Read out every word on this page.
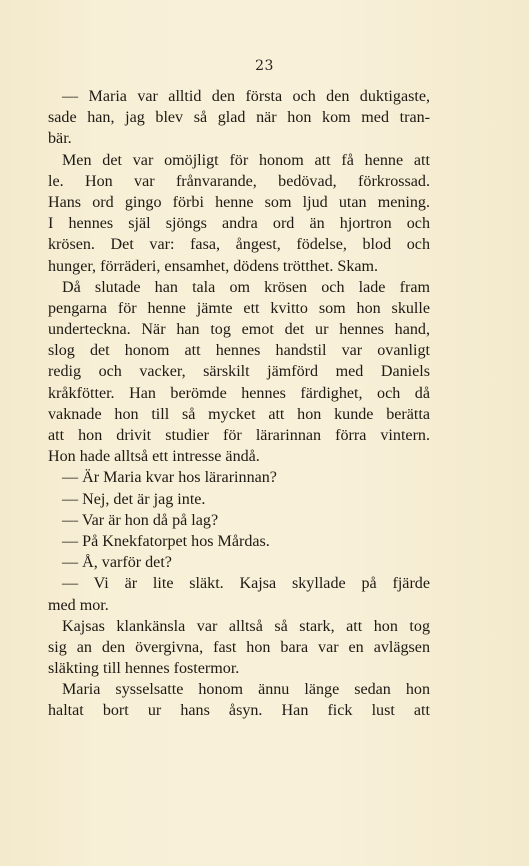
23
— Maria var alltid den första och den duktigaste,
sade han, jag blev så glad när hon kom med tran-
bär.
Men det var omöjligt för honom att få henne att
le. Hon var frånvarande, bedövad, förkrossad.
Hans ord gingo förbi henne som ljud utan mening.
I hennes själ sjöngs andra ord än hjortron och
krösen. Det var: fasa, ångest, födelse, blod och
hunger, förräderi, ensamhet, dödens trötthet. Skam.
Då slutade han tala om krösen och lade fram
pengarna för henne jämte ett kvitto som hon skulle
underteckna. När han tog emot det ur hennes hand,
slog det honom att hennes handstil var ovanligt
redig och vacker, särskilt jämförd med Daniels
kråkfötter. Han berömde hennes färdighet, och då
vaknade hon till så mycket att hon kunde berätta
att hon drivit studier för lärarinnan förra vintern.
Hon hade alltså ett intresse ändå.
— Är Maria kvar hos lärarinnan?
— Nej, det är jag inte.
— Var är hon då på lag?
— På Knekfatorpet hos Mårdas.
— Å, varför det?
— Vi är lite släkt. Kajsa skyllade på fjärde
med mor.
Kajsas klankänsla var alltså så stark, att hon tog
sig an den övergivna, fast hon bara var en avlägsen
släkting till hennes fostermor.
Maria sysselsatte honom ännu länge sedan hon
haltat bort ur hans åsyn. Han fick lust att
